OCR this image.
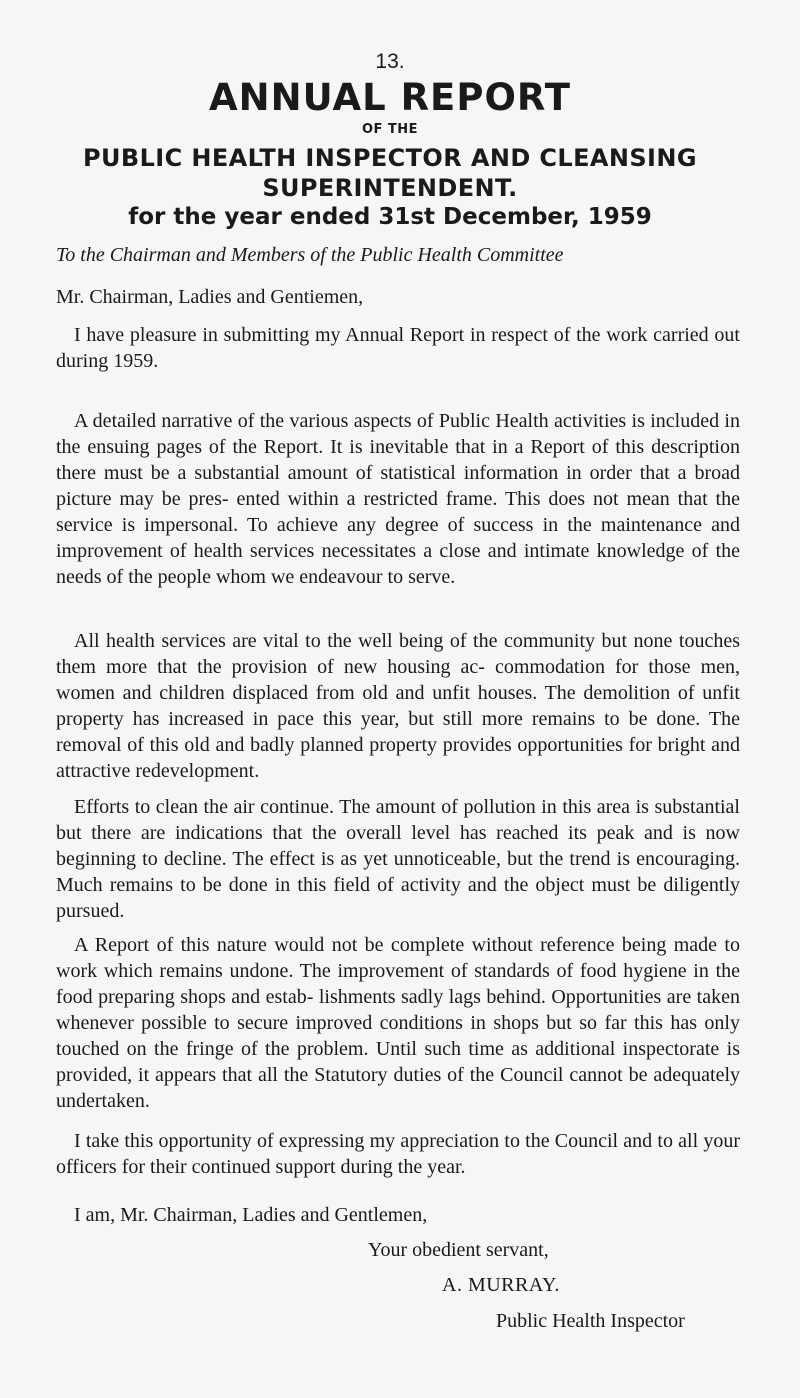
13.
ANNUAL REPORT
OF THE
PUBLIC HEALTH INSPECTOR AND CLEANSING
SUPERINTENDENT.
for the year ended 31st December, 1959
To the Chairman and Members of the Public Health Committee
Mr. Chairman, Ladies and Gentiemen,

I have pleasure in submitting my Annual Report in respect of the work carried out during 1959.

A detailed narrative of the various aspects of Public Health activities is included in the ensuing pages of the Report. It is inevitable that in a Report of this description there must be a substantial amount of statistical information in order that a broad picture may be pres- ented within a restricted frame. This does not mean that the service is impersonal. To achieve any degree of success in the maintenance and improvement of health services necessitates a close and intimate knowledge of the needs of the people whom we endeavour to serve.

All health services are vital to the well being of the community but none touches them more that the provision of new housing ac- commodation for those men, women and children displaced from old and unfit houses. The demolition of unfit property has increased in pace this year, but still more remains to be done. The removal of this old and badly planned property provides opportunities for bright and attractive redevelopment.

Efforts to clean the air continue. The amount of pollution in this area is substantial but there are indications that the overall level has reached its peak and is now beginning to decline. The effect is as yet unnoticeable, but the trend is encouraging. Much remains to be done in this field of activity and the object must be diligently pursued.

A Report of this nature would not be complete without reference being made to work which remains undone. The improvement of standards of food hygiene in the food preparing shops and estab- lishments sadly lags behind. Opportunities are taken whenever possible to secure improved conditions in shops but so far this has only touched on the fringe of the problem. Until such time as additional inspectorate is provided, it appears that all the Statutory duties of the Council cannot be adequately undertaken.

I take this opportunity of expressing my appreciation to the Council and to all your officers for their continued support during the year.

I am, Mr. Chairman, Ladies and Gentlemen,
Your obedient servant,
A. MURRAY.
Public Health Inspector
